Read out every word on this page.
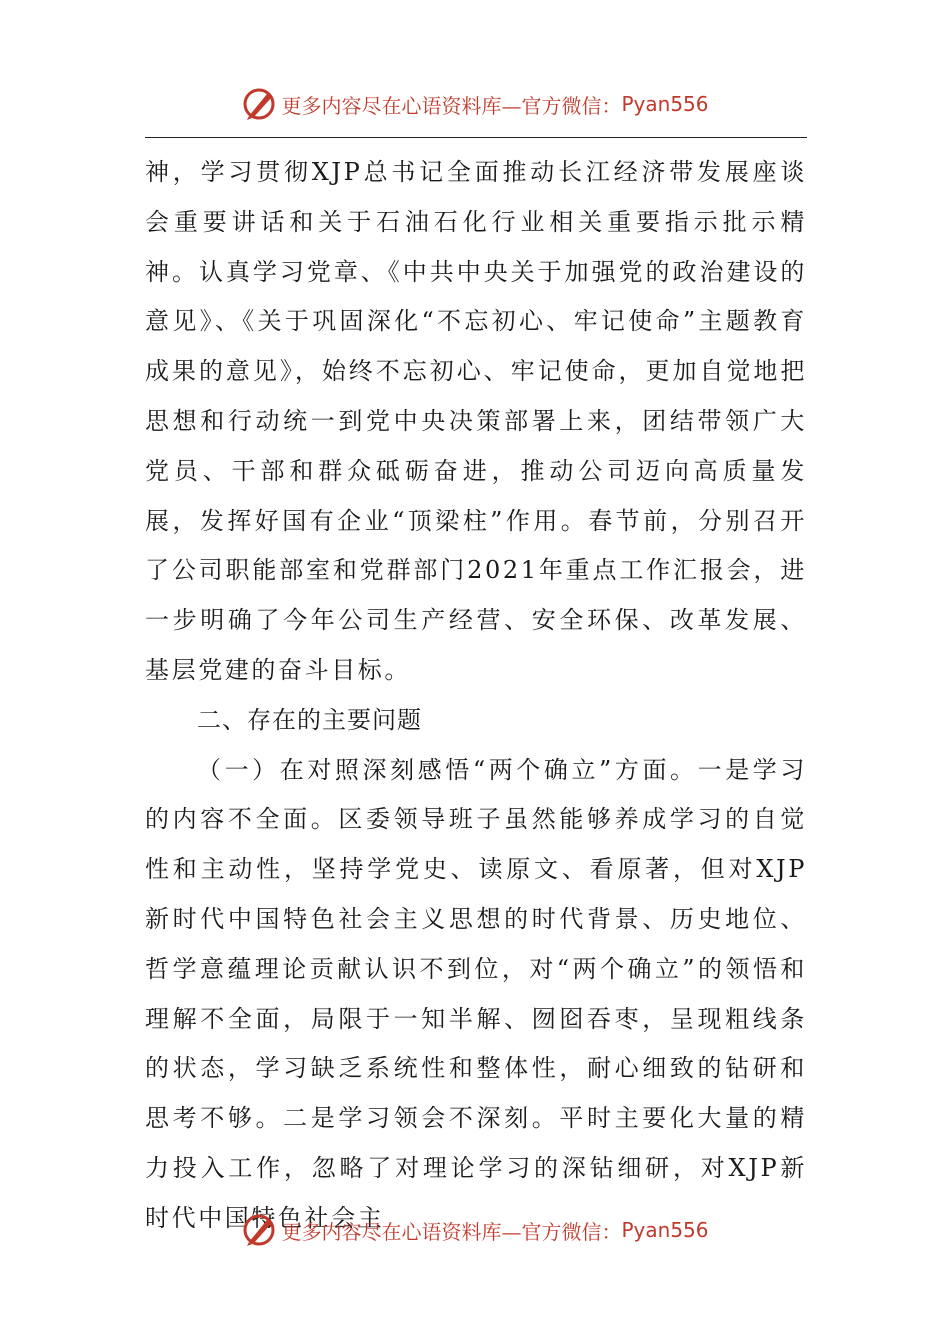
更多内容尽在心语资料库—官方微信： Pyan556

神，学习贯彻XJP总书记全面推动长江经济带发展座谈会重要讲话和关于石油石化行业相关重要指示批示精神。认真学习党章、《中共中央关于加强党的政治建设的意见》、《关于巩固深化“不忘初心、牢记使命”主题教育成果的意见》，始终不忘初心、牢记使命，更加自觉地把思想和行动统一到党中央决策部署上来，团结带领广大党员、干部和群众砥砺奋进，推动公司迈向高质量发展，发挥好国有企业“顶梁柱”作用。春节前，分别召开了公司职能部室和党群部门2021年重点工作汇报会，进一步明确了今年公司生产经营、安全环保、改革发展、基层党建的奋斗目标。

二、存在的主要问题

（一）在对照深刻感悟“两个确立”方面。一是学习的内容不全面。区委领导班子虽然能够养成学习的自觉性和主动性，坚持学党史、读原文、看原著，但对XJP新时代中国特色社会主义思想的时代背景、历史地位、哲学意蕴理论贡献认识不到位，对“两个确立”的领悟和理解不全面，局限于一知半解、囫囵吞枣，呈现粗线条的状态，学习缺乏系统性和整体性，耐心细致的钻研和思考不够。二是学习领会不深刻。平时主要化大量的精力投入工作，忽略了对理论学习的深钻细研，对XJP新时代中国特色社会主

更多内容尽在心语资料库—官方微信： Pyan556
